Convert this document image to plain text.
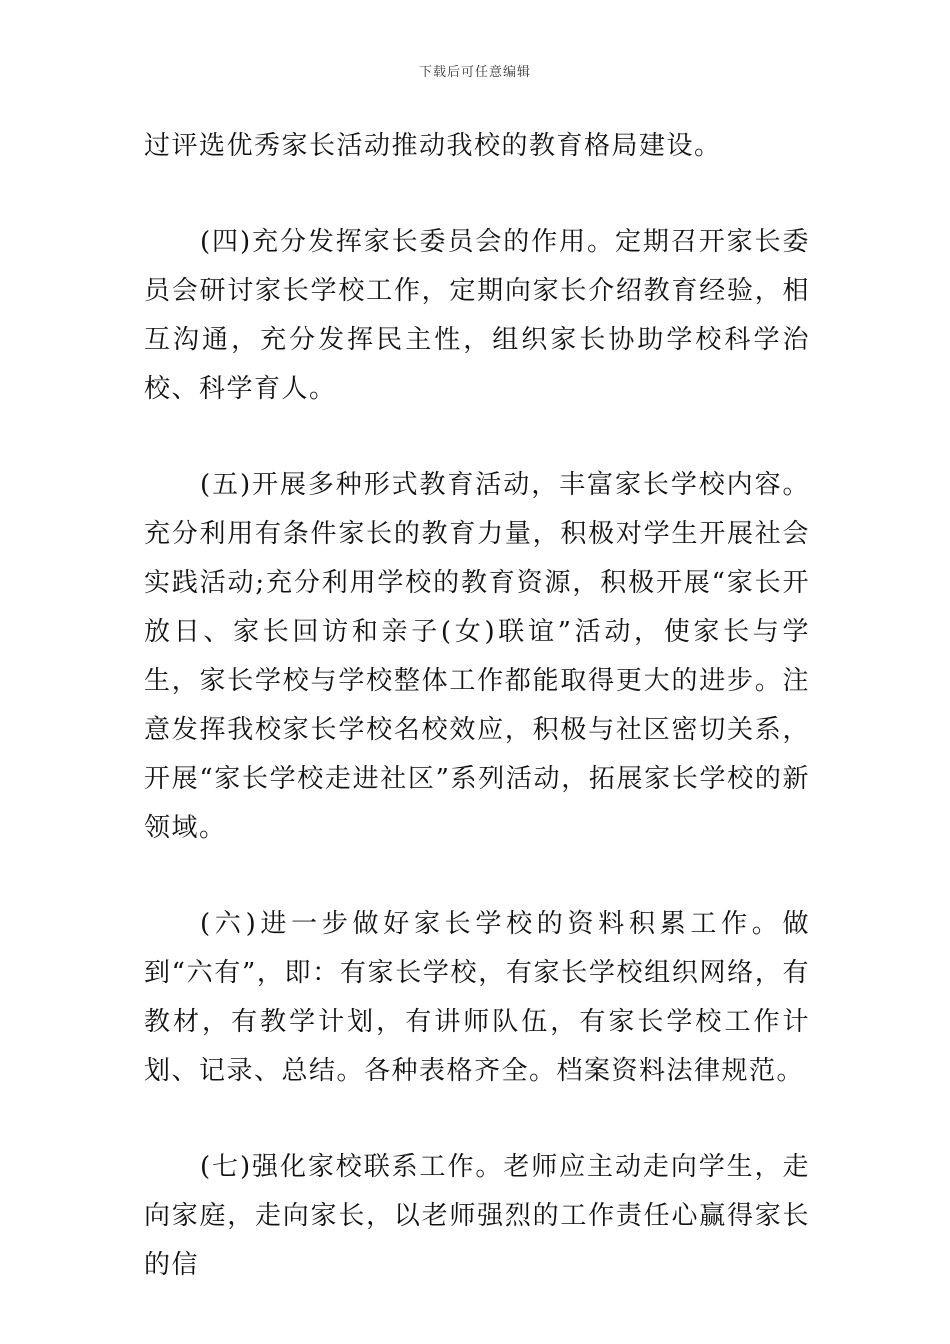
下载后可任意编辑

过评选优秀家长活动推动我校的教育格局建设。

(四)充分发挥家长委员会的作用。定期召开家长委员会研讨家长学校工作，定期向家长介绍教育经验，相互沟通，充分发挥民主性，组织家长协助学校科学治校、科学育人。

(五)开展多种形式教育活动，丰富家长学校内容。充分利用有条件家长的教育力量，积极对学生开展社会实践活动;充分利用学校的教育资源，积极开展“家长开放日、家长回访和亲子(女)联谊”活动，使家长与学生，家长学校与学校整体工作都能取得更大的进步。注意发挥我校家长学校名校效应，积极与社区密切关系，开展“家长学校走进社区”系列活动，拓展家长学校的新领域。

(六)进一步做好家长学校的资料积累工作。做到“六有”，即：有家长学校，有家长学校组织网络，有教材，有教学计划，有讲师队伍，有家长学校工作计划、记录、总结。各种表格齐全。档案资料法律规范。

(七)强化家校联系工作。老师应主动走向学生，走向家庭，走向家长，以老师强烈的工作责任心赢得家长的信
